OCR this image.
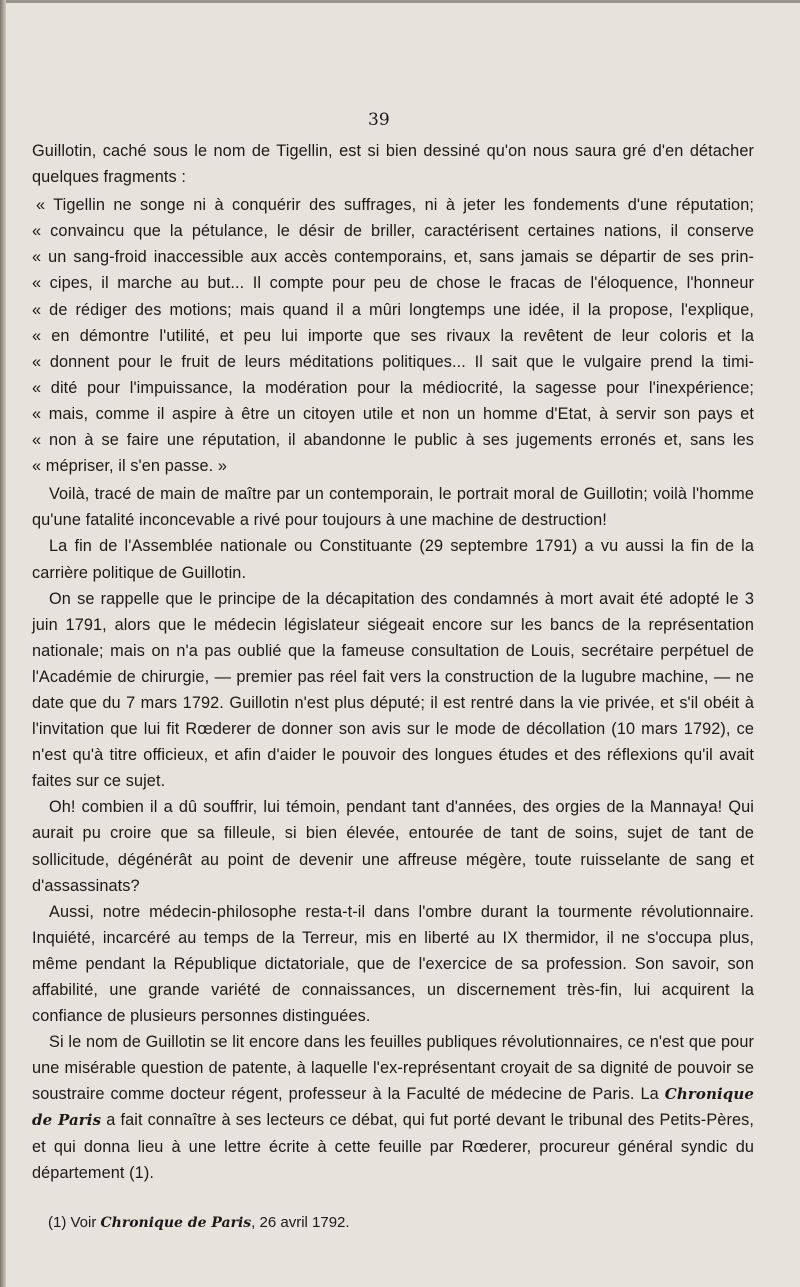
39

Guillotin, caché sous le nom de Tigellin, est si bien dessiné qu'on nous saura gré d'en détacher quelques fragments :

« Tigellin ne songe ni à conquérir des suffrages, ni à jeter les fondements d'une réputation;

« convaincu que la pétulance, le désir de briller, caractérisent certaines nations, il conserve

« un sang-froid inaccessible aux accès contemporains, et, sans jamais se départir de ses prin-

« cipes, il marche au but... Il compte pour peu de chose le fracas de l'éloquence, l'honneur

« de rédiger des motions; mais quand il a mûri longtemps une idée, il la propose, l'explique,

« en démontre l'utilité, et peu lui importe que ses rivaux la revêtent de leur coloris et la

« donnent pour le fruit de leurs méditations politiques... Il sait que le vulgaire prend la timi-

« dité pour l'impuissance, la modération pour la médiocrité, la sagesse pour l'inexpérience;

« mais, comme il aspire à être un citoyen utile et non un homme d'Etat, à servir son pays et

« non à se faire une réputation, il abandonne le public à ses jugements erronés et, sans les

« mépriser, il s'en passe. »

Voilà, tracé de main de maître par un contemporain, le portrait moral de Guillotin; voilà l'homme qu'une fatalité inconcevable a rivé pour toujours à une machine de destruction!

La fin de l'Assemblée nationale ou Constituante (29 septembre 1791) a vu aussi la fin de la carrière politique de Guillotin.

On se rappelle que le principe de la décapitation des condamnés à mort avait été adopté le 3 juin 1791, alors que le médecin législateur siégeait encore sur les bancs de la représentation nationale; mais on n'a pas oublié que la fameuse consultation de Louis, secrétaire perpétuel de l'Académie de chirurgie, — premier pas réel fait vers la construction de la lugubre machine, — ne date que du 7 mars 1792. Guillotin n'est plus député; il est rentré dans la vie privée, et s'il obéit à l'invitation que lui fit Rœderer de donner son avis sur le mode de décollation (10 mars 1792), ce n'est qu'à titre officieux, et afin d'aider le pouvoir des longues études et des réflexions qu'il avait faites sur ce sujet.

Oh! combien il a dû souffrir, lui témoin, pendant tant d'années, des orgies de la Mannaya! Qui aurait pu croire que sa filleule, si bien élevée, entourée de tant de soins, sujet de tant de sollicitude, dégénérât au point de devenir une affreuse mégère, toute ruisselante de sang et d'assassinats?

Aussi, notre médecin-philosophe resta-t-il dans l'ombre durant la tourmente révolutionnaire. Inquiété, incarcéré au temps de la Terreur, mis en liberté au IX thermidor, il ne s'occupa plus, même pendant la République dictatoriale, que de l'exercice de sa profession. Son savoir, son affabilité, une grande variété de connaissances, un discernement très-fin, lui acquirent la confiance de plusieurs personnes distinguées.

Si le nom de Guillotin se lit encore dans les feuilles publiques révolutionnaires, ce n'est que pour une misérable question de patente, à laquelle l'ex-représentant croyait de sa dignité de pouvoir se soustraire comme docteur régent, professeur à la Faculté de médecine de Paris. La Chronique de Paris a fait connaître à ses lecteurs ce débat, qui fut porté devant le tribunal des Petits-Pères, et qui donna lieu à une lettre écrite à cette feuille par Rœderer, procureur général syndic du département (1).

(1) Voir Chronique de Paris, 26 avril 1792.
